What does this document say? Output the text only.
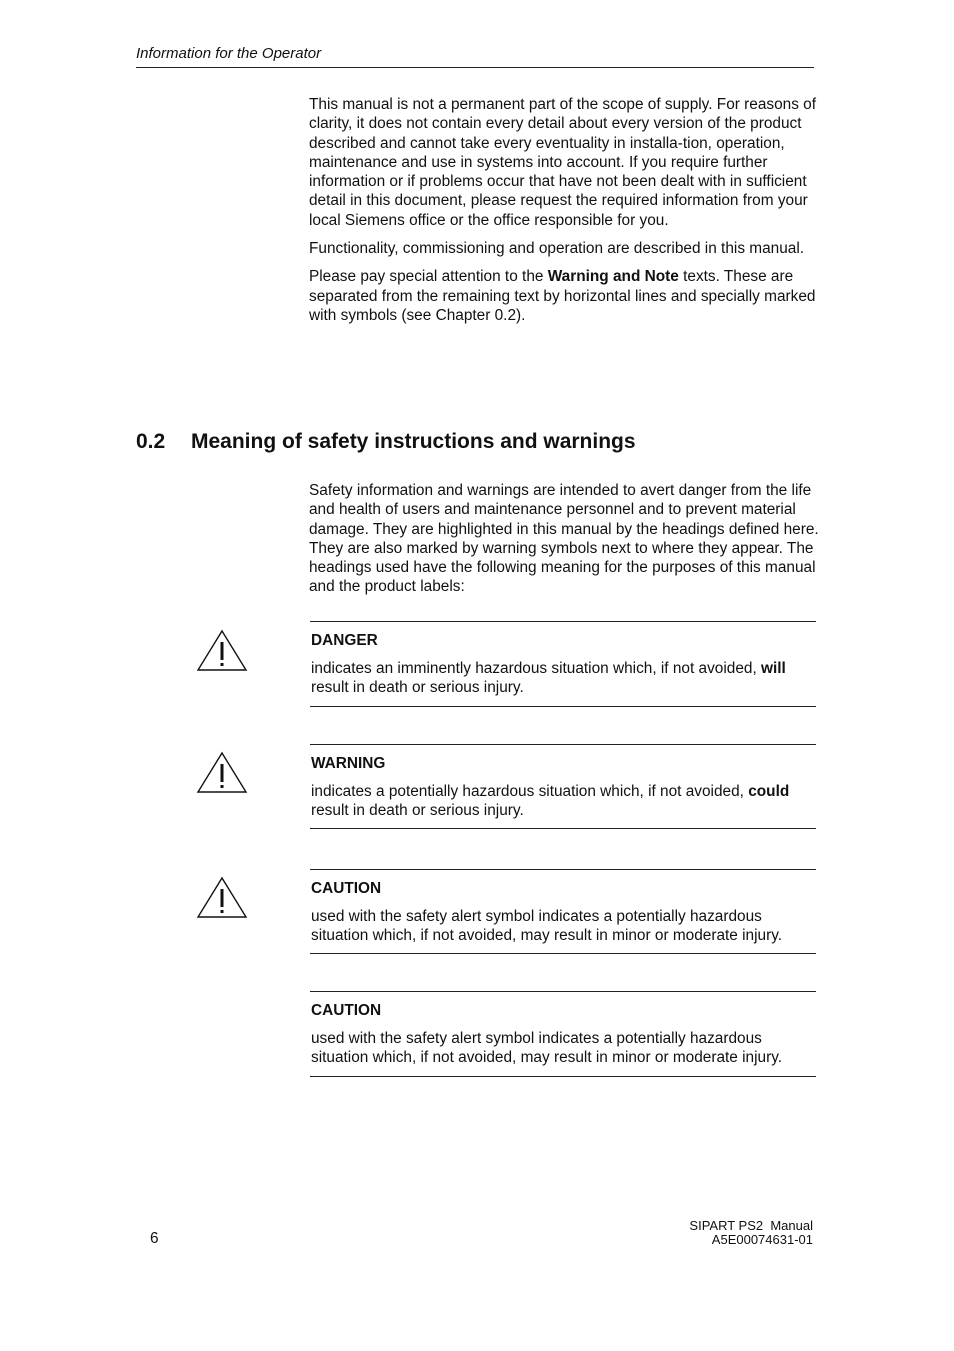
Information for the Operator

This manual is not a permanent part of the scope of supply. For reasons of clarity, it does not contain every detail about every version of the product described and cannot take every eventuality in installa-tion, operation, maintenance and use in systems into account. If you require further information or if problems occur that have not been dealt with in sufficient detail in this document, please request the required information from your local Siemens office or the office responsible for you.

Functionality, commissioning and operation are described in this manual.

Please pay special attention to the Warning and Note texts. These are separated from the remaining text by horizontal lines and specially marked with symbols (see Chapter 0.2).

0.2 Meaning of safety instructions and warnings

Safety information and warnings are intended to avert danger from the life and health of users and maintenance personnel and to prevent material damage. They are highlighted in this manual by the headings defined here. They are also marked by warning symbols next to where they appear. The headings used have the following meaning for the purposes of this manual and the product labels:

DANGER

indicates an imminently hazardous situation which, if not avoided, will result in death or serious injury.

WARNING

indicates a potentially hazardous situation which, if not avoided, could result in death or serious injury.

CAUTION

used with the safety alert symbol indicates a potentially hazardous situation which, if not avoided, may result in minor or moderate injury.

CAUTION

used with the safety alert symbol indicates a potentially hazardous situation which, if not avoided, may result in minor or moderate injury.

6
SIPART PS2  Manual
A5E00074631-01
